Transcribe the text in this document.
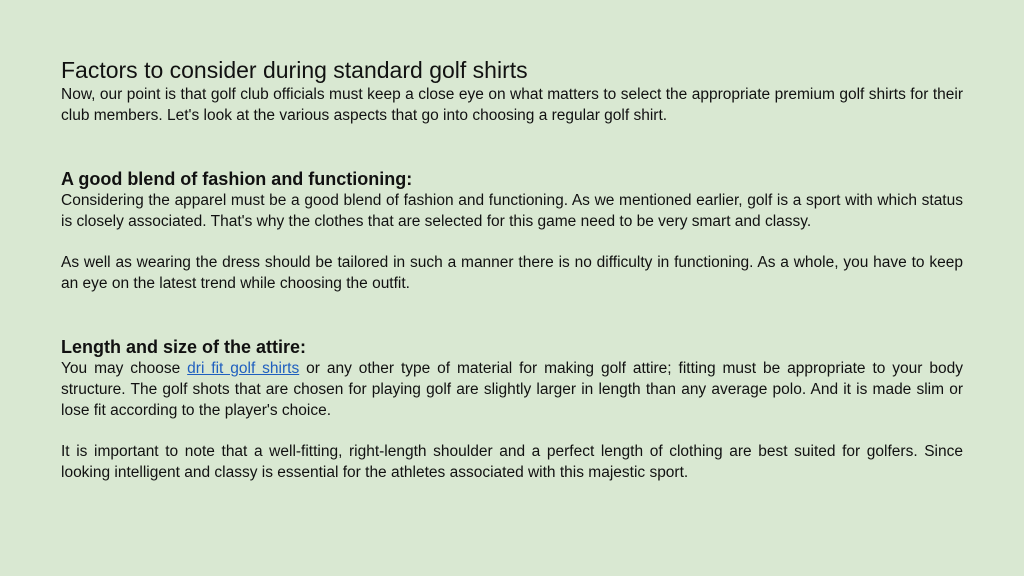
Factors to consider during standard golf shirts

Now, our point is that golf club officials must keep a close eye on what matters to select the appropriate premium golf shirts for their club members. Let's look at the various aspects that go into choosing a regular golf shirt.

A good blend of fashion and functioning:

Considering the apparel must be a good blend of fashion and functioning. As we mentioned earlier, golf is a sport with which status is closely associated. That's why the clothes that are selected for this game need to be very smart and classy.

As well as wearing the dress should be tailored in such a manner there is no difficulty in functioning. As a whole, you have to keep an eye on the latest trend while choosing the outfit.

Length and size of the attire:

You may choose dri fit golf shirts or any other type of material for making golf attire; fitting must be appropriate to your body structure. The golf shots that are chosen for playing golf are slightly larger in length than any average polo. And it is made slim or lose fit according to the player's choice.

It is important to note that a well-fitting, right-length shoulder and a perfect length of clothing are best suited for golfers. Since looking intelligent and classy is essential for the athletes associated with this majestic sport.
